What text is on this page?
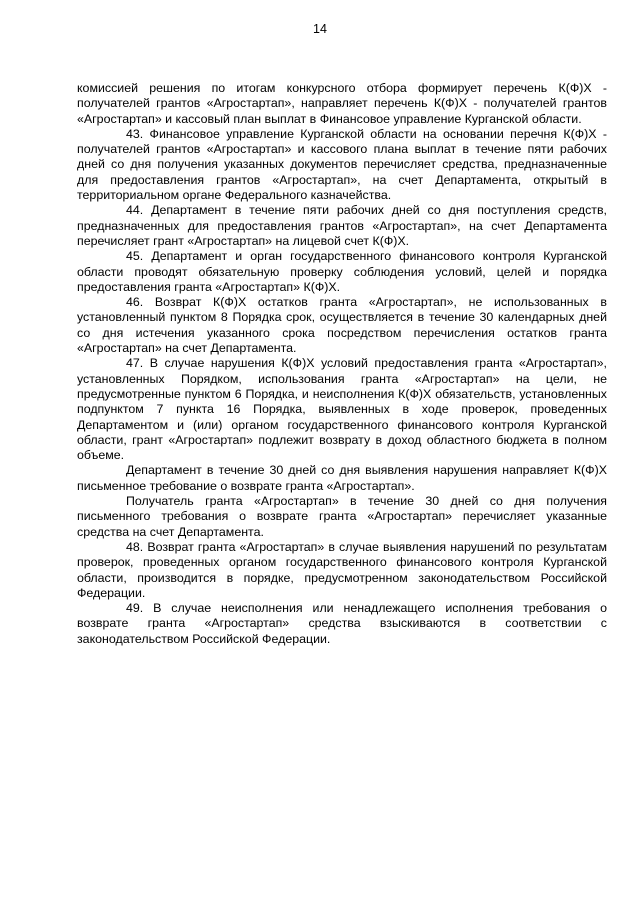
14

комиссией решения по итогам конкурсного отбора формирует перечень К(Ф)Х - получателей грантов «Агростартап», направляет перечень К(Ф)Х - получателей грантов «Агростартап» и кассовый план выплат в Финансовое управление Курганской области.

43. Финансовое управление Курганской области на основании перечня К(Ф)Х - получателей грантов «Агростартап» и кассового плана выплат в течение пяти рабочих дней со дня получения указанных документов перечисляет средства, предназначенные для предоставления грантов «Агростартап», на счет Департамента, открытый в территориальном органе Федерального казначейства.

44. Департамент в течение пяти рабочих дней со дня поступления средств, предназначенных для предоставления грантов «Агростартап», на счет Департамента перечисляет грант «Агростартап» на лицевой счет К(Ф)Х.

45. Департамент и орган государственного финансового контроля Курганской области проводят обязательную проверку соблюдения условий, целей и порядка предоставления гранта «Агростартап» К(Ф)Х.

46. Возврат К(Ф)Х остатков гранта «Агростартап», не использованных в установленный пунктом 8 Порядка срок, осуществляется в течение 30 календарных дней со дня истечения указанного срока посредством перечисления остатков гранта «Агростартап» на счет Департамента.

47. В случае нарушения К(Ф)Х условий предоставления гранта «Агростартап», установленных Порядком, использования гранта «Агростартап» на цели, не предусмотренные пунктом 6 Порядка, и неисполнения К(Ф)Х обязательств, установленных подпунктом 7 пункта 16 Порядка, выявленных в ходе проверок, проведенных Департаментом и (или) органом государственного финансового контроля Курганской области, грант «Агростартап» подлежит возврату в доход областного бюджета в полном объеме.

Департамент в течение 30 дней со дня выявления нарушения направляет К(Ф)Х письменное требование о возврате гранта «Агростартап».

Получатель гранта «Агростартап» в течение 30 дней со дня получения письменного требования о возврате гранта «Агростартап» перечисляет указанные средства на счет Департамента.

48. Возврат гранта «Агростартап» в случае выявления нарушений по результатам проверок, проведенных органом государственного финансового контроля Курганской области, производится в порядке, предусмотренном законодательством Российской Федерации.

49. В случае неисполнения или ненадлежащего исполнения требования о возврате гранта «Агростартап» средства взыскиваются в соответствии с законодательством Российской Федерации.
